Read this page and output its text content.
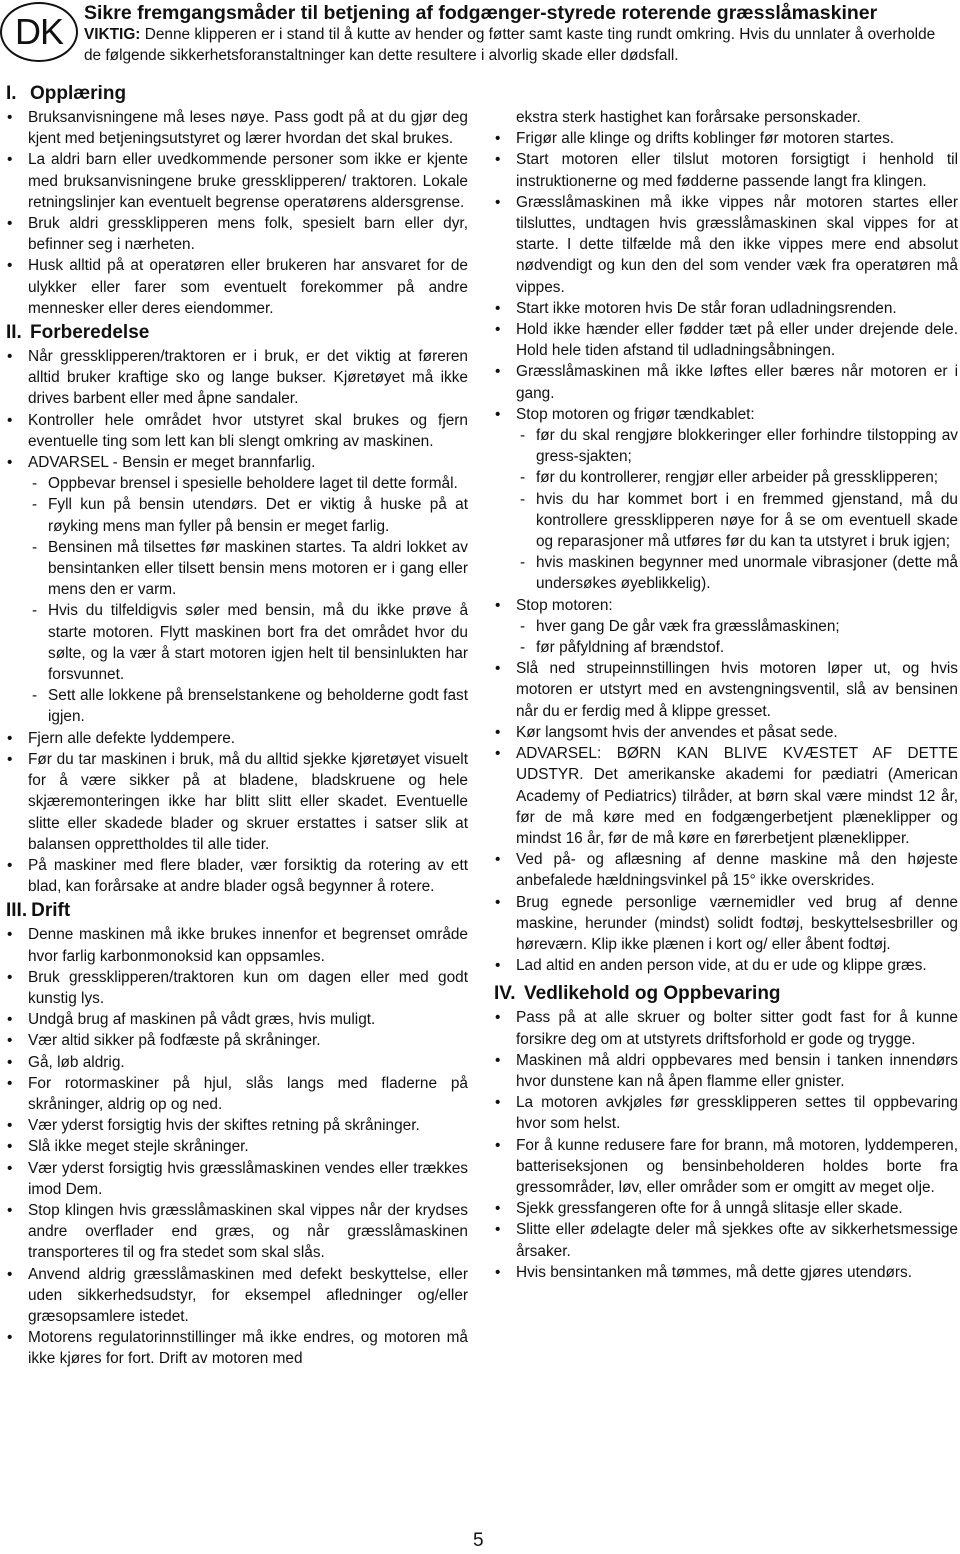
DK	Sikre fremgangsmåder til betjening af fodgænger-styrede roterende græsslåmaskiner
VIKTIG: Denne klipperen er i stand til å kutte av hender og føtter samt kaste ting rundt omkring. Hvis du unnlater å overholde de følgende sikkerhetsforanstaltninger kan dette resultere i alvorlig skade eller dødsfall.
I. Opplæring
• Bruksanvisningene må leses nøye. Pass godt på at du gjør deg kjent med betjeningsutstyret og lærer hvordan det skal brukes.
• La aldri barn eller uvedkommende personer som ikke er kjente med bruksanvisningene bruke gressklipperen/ traktoren. Lokale retningslinjer kan eventuelt begrense operatørens aldersgrense.
• Bruk aldri gressklipperen mens folk, spesielt barn eller dyr, befinner seg i nærheten.
• Husk alltid på at operatøren eller brukeren har ansvaret for de ulykker eller farer som eventuelt forekommer på andre mennesker eller deres eiendommer.
II. Forberedelse
• Når gressklipperen/traktoren er i bruk, er det viktig at føreren alltid bruker kraftige sko og lange bukser. Kjøretøyet må ikke drives barbent eller med åpne sandaler.
• Kontroller hele området hvor utstyret skal brukes og fjern eventuelle ting som lett kan bli slengt omkring av maskinen.
• ADVARSEL - Bensin er meget brannfarlig.
- Oppbevar brensel i spesielle beholdere laget til dette formål.
- Fyll kun på bensin utendørs. Det er viktig å huske på at røyking mens man fyller på bensin er meget farlig.
- Bensinen må tilsettes før maskinen startes. Ta aldri lokket av bensintanken eller tilsett bensin mens motoren er i gang eller mens den er varm.
- Hvis du tilfeldigvis søler med bensin, må du ikke prøve å starte motoren. Flytt maskinen bort fra det området hvor du sølte, og la vær å start motoren igjen helt til bensinlukten har forsvunnet.
- Sett alle lokkene på brenselstankene og beholderne godt fast igjen.
• Fjern alle defekte lyddempere.
• Før du tar maskinen i bruk, må du alltid sjekke kjøretøyet visuelt for å være sikker på at bladene, bladskruene og hele skjæremonteringen ikke har blitt slitt eller skadet. Eventuelle slitte eller skadede blader og skruer erstattes i satser slik at balansen opprettholdes til alle tider.
• På maskiner med flere blader, vær forsiktig da rotering av ett blad, kan forårsake at andre blader også begynner å rotere.
III. Drift
• Denne maskinen må ikke brukes innenfor et begrenset område hvor farlig karbonmonoksid kan oppsamles.
• Bruk gressklipperen/traktoren kun om dagen eller med godt kunstig lys.
• Undgå brug af maskinen på vådt græs, hvis muligt.
• Vær altid sikker på fodfæste på skråninger.
• Gå, løb aldrig.
• For rotormaskiner på hjul, slås langs med fladerne på skråninger, aldrig op og ned.
• Vær yderst forsigtig hvis der skiftes retning på skråninger.
• Slå ikke meget stejle skråninger.
• Vær yderst forsigtig hvis græsslåmaskinen vendes eller trækkes imod Dem.
• Stop klingen hvis græsslåmaskinen skal vippes når der krydses andre overflader end græs, og når græsslåmaskinen transporteres til og fra stedet som skal slås.
• Anvend aldrig græsslåmaskinen med defekt beskyttelse, eller uden sikkerhedsudstyr, for eksempel afledninger og/eller græsopsamlere istedet.
• Motorens regulatorinnstillinger må ikke endres, og motoren må ikke kjøres for fort. Drift av motoren med
ekstra sterk hastighet kan forårsake personskader.
• Frigør alle klinge og drifts koblinger før motoren startes.
• Start motoren eller tilslut motoren forsigtigt i henhold til instruktionerne og med fødderne passende langt fra klingen.
• Græsslåmaskinen må ikke vippes når motoren startes eller tilsluttes, undtagen hvis græsslåmaskinen skal vippes for at starte. I dette tilfælde må den ikke vippes mere end absolut nødvendigt og kun den del som vender væk fra operatøren må vippes.
• Start ikke motoren hvis De står foran udladningsrenden.
• Hold ikke hænder eller fødder tæt på eller under drejende dele. Hold hele tiden afstand til udladningsåbningen.
• Græsslåmaskinen må ikke løftes eller bæres når motoren er i gang.
• Stop motoren og frigør tændkablet:
- før du skal rengjøre blokkeringer eller forhindre tilstopping av gress-sjakten;
- før du kontrollerer, rengjør eller arbeider på gressklipperen;
- hvis du har kommet bort i en fremmed gjenstand, må du kontrollere gressklipperen nøye for å se om eventuell skade og reparasjoner må utføres før du kan ta utstyret i bruk igjen;
- hvis maskinen begynner med unormale vibrasjoner (dette må undersøkes øyeblikkelig).
• Stop motoren:
- hver gang De går væk fra græsslåmaskinen;
- før påfyldning af brændstof.
• Slå ned strupeinnstillingen hvis motoren løper ut, og hvis motoren er utstyrt med en avstengningsventil, slå av bensinen når du er ferdig med å klippe gresset.
• Kør langsomt hvis der anvendes et påsat sede.
• ADVARSEL: BØRN KAN BLIVE KVÆSTET AF DETTE UDSTYR. Det amerikanske akademi for pædiatri (American Academy of Pediatrics) tilråder, at børn skal være mindst 12 år, før de må køre med en fodgængerbetjent plæneklipper og mindst 16 år, før de må køre en førerbetjent plæneklipper.
• Ved på- og aflæsning af denne maskine må den højeste anbefalede hældningsvinkel på 15° ikke overskrides.
• Brug egnede personlige værnemidler ved brug af denne maskine, herunder (mindst) solidt fodtøj, beskyttelsesbriller og høreværn. Klip ikke plænen i kort og/ eller åbent fodtøj.
• Lad altid en anden person vide, at du er ude og klippe græs.
IV. Vedlikehold og Oppbevaring
• Pass på at alle skruer og bolter sitter godt fast for å kunne forsikre deg om at utstyrets driftsforhold er gode og trygge.
• Maskinen må aldri oppbevares med bensin i tanken innendørs hvor dunstene kan nå åpen flamme eller gnister.
• La motoren avkjøles før gressklipperen settes til oppbevaring hvor som helst.
• For å kunne redusere fare for brann, må motoren, lyddemperen, batteriseksjonen og bensinbeholderen holdes borte fra gressområder, løv, eller områder som er omgitt av meget olje.
• Sjekk gressfangeren ofte for å unngå slitasje eller skade.
• Slitte eller ødelagte deler må sjekkes ofte av sikkerhetsmessige årsaker.
• Hvis bensintanken må tømmes, må dette gjøres utendørs.
5
